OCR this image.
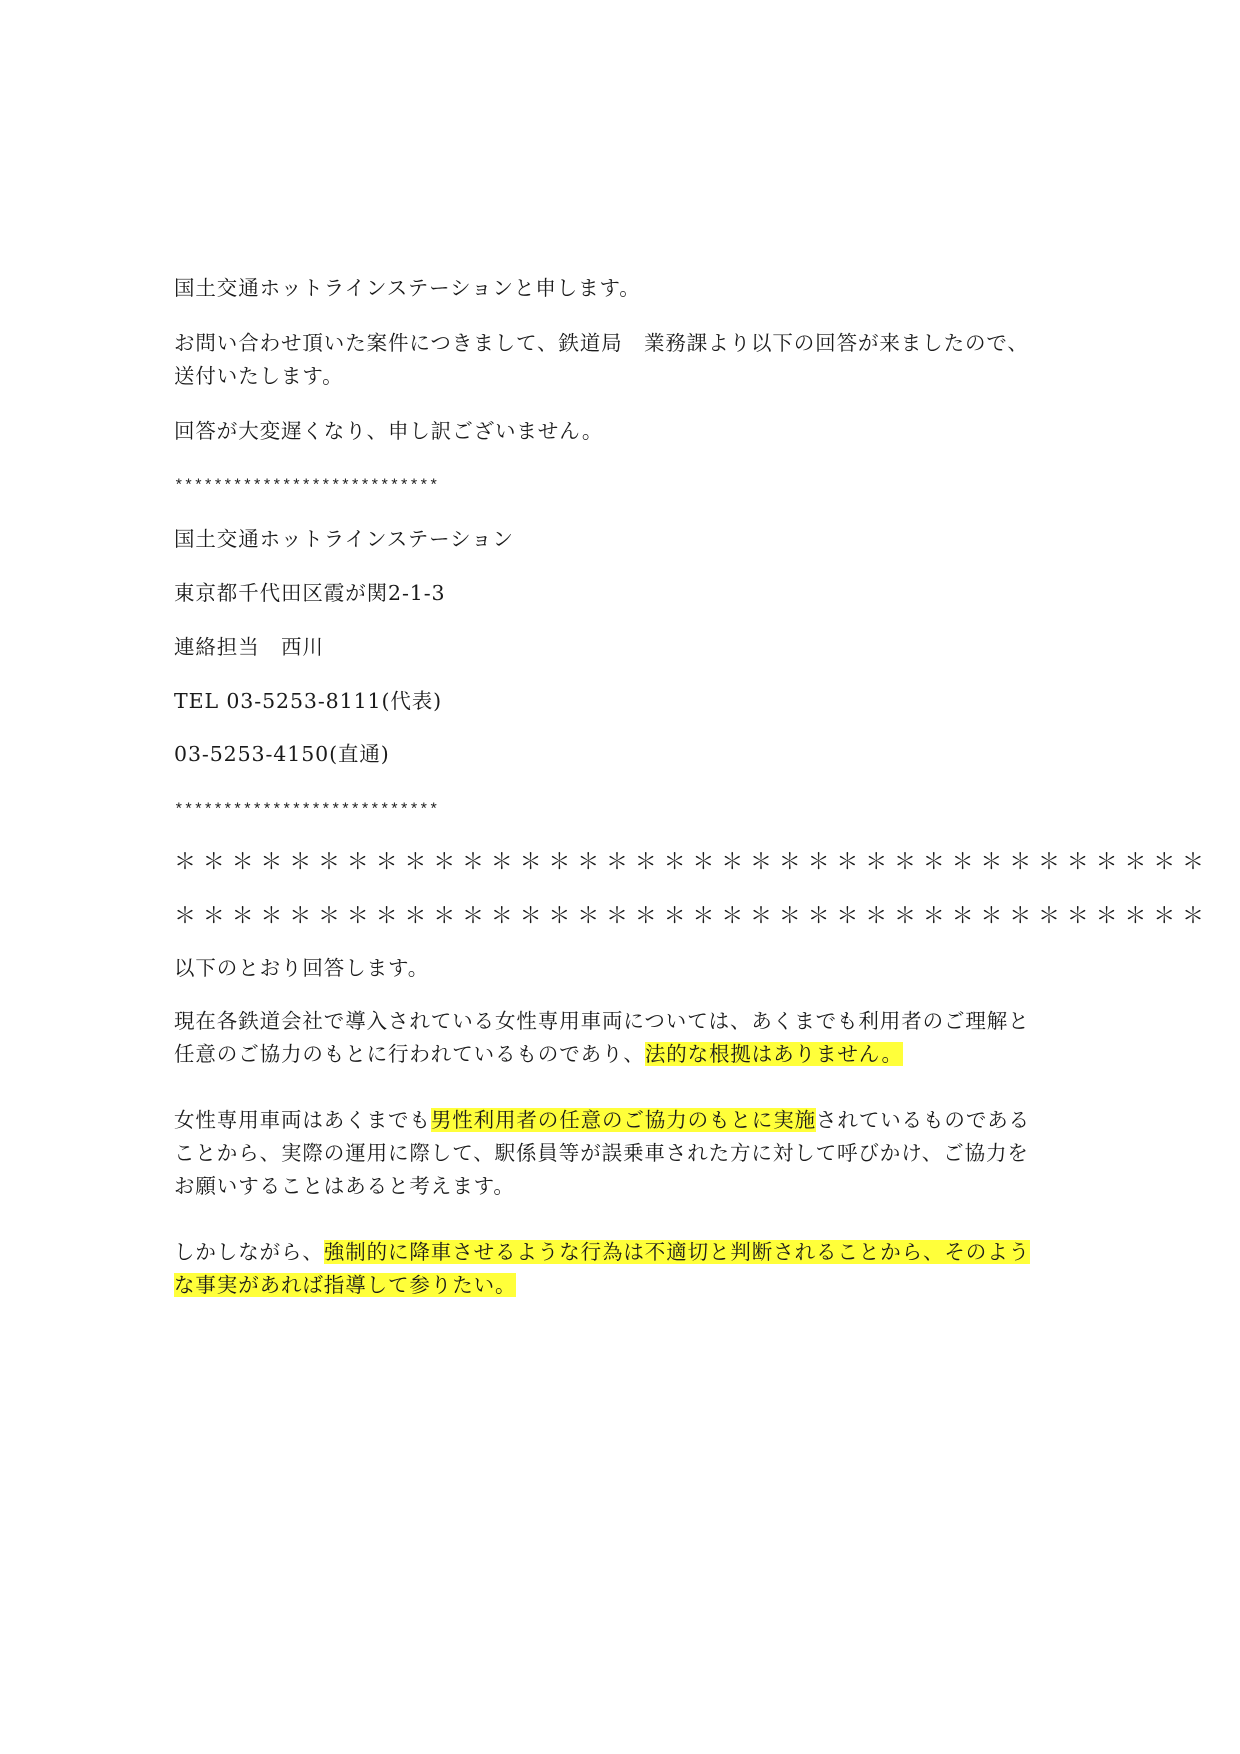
国土交通ホットラインステーションと申します。
お問い合わせ頂いた案件につきまして、鉄道局　業務課より以下の回答が来ましたので、
送付いたします。
回答が大変遅くなり、申し訳ございません。
***************************
国土交通ホットラインステーション
東京都千代田区霞が関2-1-3
連絡担当　西川
TEL 03-5253-8111(代表)
03-5253-4150(直通)
***************************
＊＊＊＊＊＊＊＊＊＊＊＊＊＊＊＊＊＊＊＊＊＊＊＊＊＊＊＊＊＊＊＊＊＊＊＊
＊＊＊＊＊＊＊＊＊＊＊＊＊＊＊＊＊＊＊＊＊＊＊＊＊＊＊＊＊＊＊＊＊＊＊＊
以下のとおり回答します。
現在各鉄道会社で導入されている女性専用車両については、あくまでも利用者のご理解と
任意のご協力のもとに行われているものであり、法的な根拠はありません。
女性専用車両はあくまでも男性利用者の任意のご協力のもとに実施されているものである
ことから、実際の運用に際して、駅係員等が誤乗車された方に対して呼びかけ、ご協力を
お願いすることはあると考えます。
しかしながら、強制的に降車させるような行為は不適切と判断されることから、そのよう
な事実があれば指導して参りたい。
